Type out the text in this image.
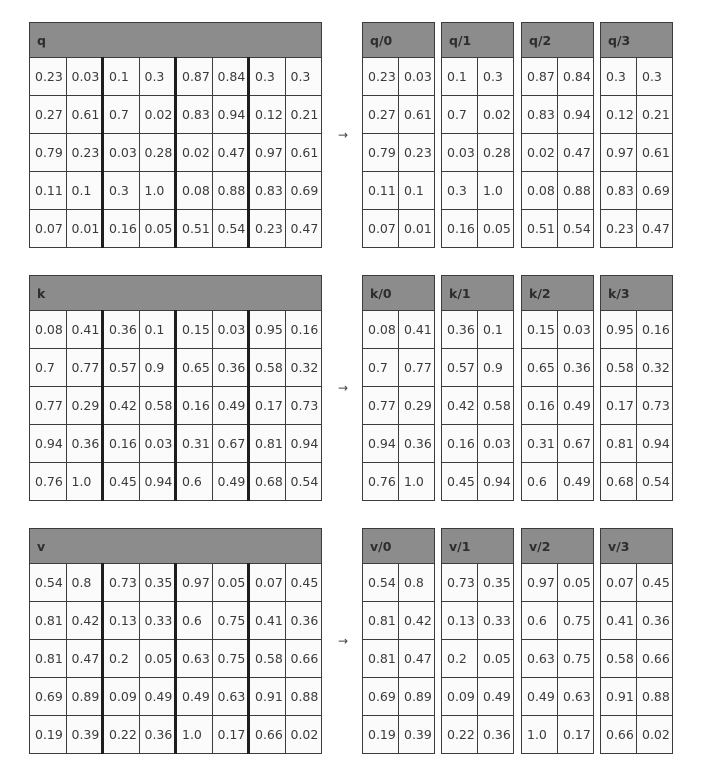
q							
0.23	0.03	0.1	0.3	0.87	0.84	0.3	0.3
0.27	0.61	0.7	0.02	0.83	0.94	0.12	0.21
0.79	0.23	0.03	0.28	0.02	0.47	0.97	0.61
0.11	0.1	0.3	1.0	0.08	0.88	0.83	0.69
0.07	0.01	0.16	0.05	0.51	0.54	0.23	0.47
→
q/0	
0.23	0.03
0.27	0.61
0.79	0.23
0.11	0.1
0.07	0.01
q/1	
0.1	0.3
0.7	0.02
0.03	0.28
0.3	1.0
0.16	0.05
q/2	
0.87	0.84
0.83	0.94
0.02	0.47
0.08	0.88
0.51	0.54
q/3	
0.3	0.3
0.12	0.21
0.97	0.61
0.83	0.69
0.23	0.47
k							
0.08	0.41	0.36	0.1	0.15	0.03	0.95	0.16
0.7	0.77	0.57	0.9	0.65	0.36	0.58	0.32
0.77	0.29	0.42	0.58	0.16	0.49	0.17	0.73
0.94	0.36	0.16	0.03	0.31	0.67	0.81	0.94
0.76	1.0	0.45	0.94	0.6	0.49	0.68	0.54
→
k/0	
0.08	0.41
0.7	0.77
0.77	0.29
0.94	0.36
0.76	1.0
k/1	
0.36	0.1
0.57	0.9
0.42	0.58
0.16	0.03
0.45	0.94
k/2	
0.15	0.03
0.65	0.36
0.16	0.49
0.31	0.67
0.6	0.49
k/3	
0.95	0.16
0.58	0.32
0.17	0.73
0.81	0.94
0.68	0.54
v							
0.54	0.8	0.73	0.35	0.97	0.05	0.07	0.45
0.81	0.42	0.13	0.33	0.6	0.75	0.41	0.36
0.81	0.47	0.2	0.05	0.63	0.75	0.58	0.66
0.69	0.89	0.09	0.49	0.49	0.63	0.91	0.88
0.19	0.39	0.22	0.36	1.0	0.17	0.66	0.02
→
v/0	
0.54	0.8
0.81	0.42
0.81	0.47
0.69	0.89
0.19	0.39
v/1	
0.73	0.35
0.13	0.33
0.2	0.05
0.09	0.49
0.22	0.36
v/2	
0.97	0.05
0.6	0.75
0.63	0.75
0.49	0.63
1.0	0.17
v/3	
0.07	0.45
0.41	0.36
0.58	0.66
0.91	0.88
0.66	0.02
